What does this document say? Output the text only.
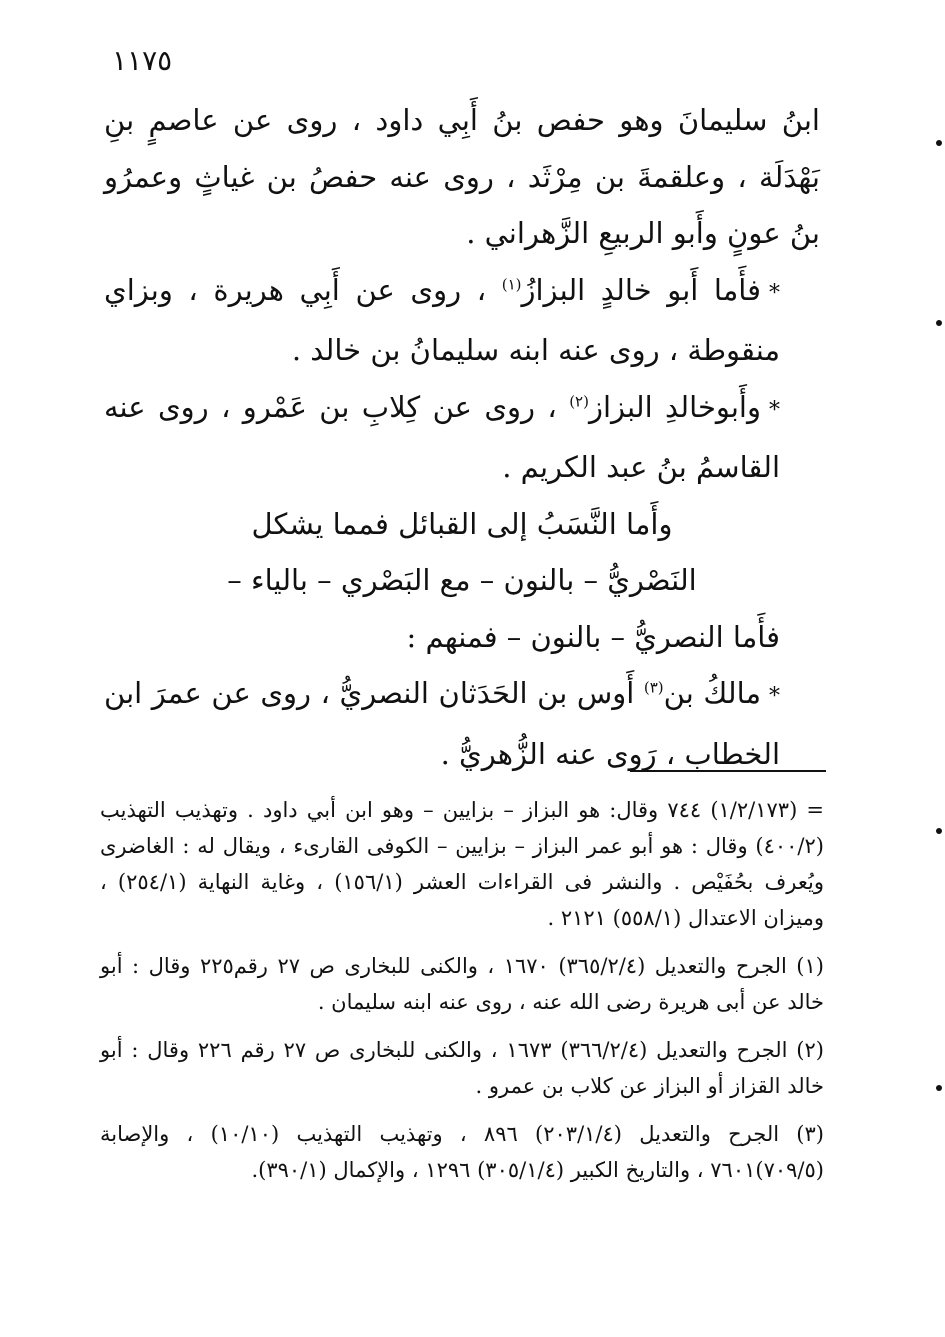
١١٧٥

ابنُ سليمانَ وهو حفص بنُ أَبِي داود ، روى عن عاصمٍ بنِ بَهْدَلَة ، وعلقمةَ بن مِرْثَد ، روى عنه حفصُ بن غياثٍ وعمرُو بنُ عونٍ وأَبو الربيعِ الزَّهراني .

*فأَما أَبو خالدٍ البزازُ$^{(١)}$ ، روى عن أَبِي هريرة ، وبزاي منقوطة ، روى عنه ابنه سليمانُ بن خالد .

*وأَبوخالدِ البزاز$^{(٢)}$ ، روى عن كِلابِ بن عَمْرو ، روى عنه القاسمُ بنُ عبد الكريم .

وأَما النَّسَبُ إلى القبائل فمما يشكل

النَصْريُّ – بالنون – مع البَصْري – بالياء –

فأَما النصريُّ – بالنون – فمنهم :

*مالكُ بن$^{(٣)}$ أَوس بن الحَدَثان النصريُّ ، روى عن عمرَ ابن الخطاب ، رَوى عنه الزُّهريُّ .

= (١/٢/١٧٣) ٧٤٤ وقال: هو البزاز – بزايين – وهو ابن أبي داود . وتهذيب التهذيب (٤٠٠/٢) وقال : هو أبو عمر البزاز – بزايين – الكوفى القارىء ، ويقال له : الغاضرى ويُعرف بحُفَيْص . والنشر فى القراءات العشر (١٥٦/١) ، وغاية النهاية (٢٥٤/١) ، وميزان الاعتدال (٥٥٨/١) ٢١٢١ .

(١) الجرح والتعديل (٣٦٥/٢/٤) ١٦٧٠ ، والكنى للبخارى ص ٢٧ رقم٢٢٥ وقال : أبو خالد عن أبى هريرة رضى الله عنه ، روى عنه ابنه سليمان .

(٢) الجرح والتعديل (٣٦٦/٢/٤) ١٦٧٣ ، والكنى للبخارى ص ٢٧ رقم ٢٢٦ وقال : أبو خالد القزاز أو البزاز عن كلاب بن عمرو .

(٣) الجرح والتعديل (٢٠٣/١/٤) ٨٩٦ ، وتهذيب التهذيب (١٠/١٠) ، والإصابة (٧٠٩/٥)٧٦٠١ ، والتاريخ الكبير (٣٠٥/١/٤) ١٢٩٦ ، والإكمال (٣٩٠/١).
